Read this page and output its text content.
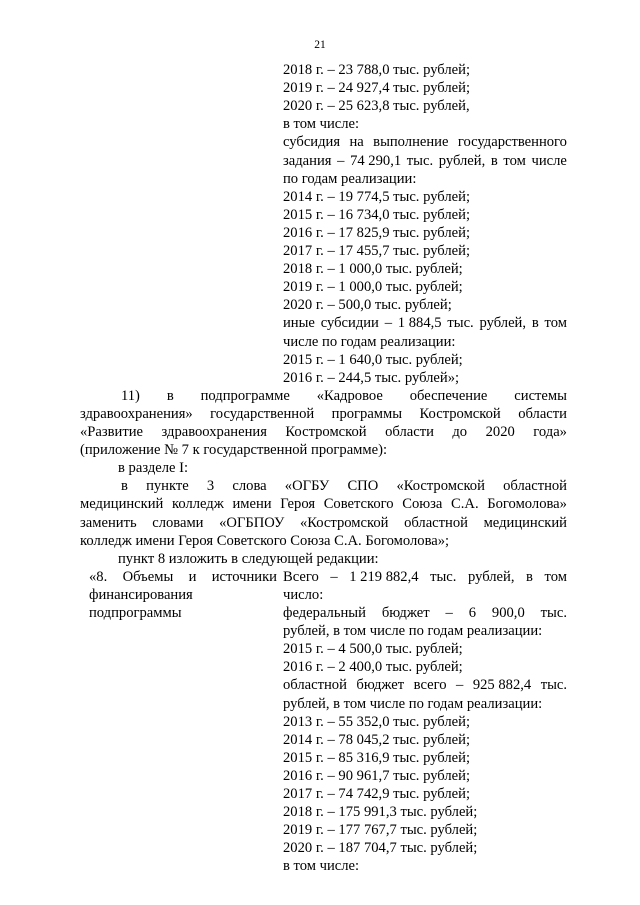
21
2018 г. – 23 788,0 тыс. рублей;
2019 г. – 24 927,4 тыс. рублей;
2020 г. – 25 623,8 тыс. рублей,
в том числе:
субсидия на выполнение государственного
задания – 74 290,1 тыс. рублей, в том числе
по годам реализации:
2014 г. – 19 774,5 тыс. рублей;
2015 г. – 16 734,0 тыс. рублей;
2016 г. – 17 825,9 тыс. рублей;
2017 г. – 17 455,7 тыс. рублей;
2018 г. – 1 000,0 тыс. рублей;
2019 г. – 1 000,0 тыс. рублей;
2020 г. – 500,0 тыс. рублей;
иные субсидии – 1 884,5 тыс. рублей, в том
числе по годам реализации:
2015 г. – 1 640,0 тыс. рублей;
2016 г. – 244,5 тыс. рублей»;
11) в подпрограмме «Кадровое обеспечение системы
здравоохранения» государственной программы Костромской области
«Развитие здравоохранения Костромской области до 2020 года»
(приложение № 7 к государственной программе):
в разделе I:
в пункте 3 слова «ОГБУ СПО «Костромской областной
медицинский колледж имени Героя Советского Союза С.А. Богомолова»
заменить словами «ОГБПОУ «Костромской областной медицинский
колледж имени Героя Советского Союза С.А. Богомолова»;
пункт 8 изложить в следующей редакции:
«8. Объемы и источники
финансирования
подпрограммы
Всего – 1 219 882,4 тыс. рублей, в том
число:
федеральный бюджет – 6 900,0 тыс.
рублей, в том числе по годам реализации:
2015 г. – 4 500,0 тыс. рублей;
2016 г. – 2 400,0 тыс. рублей;
областной бюджет всего – 925 882,4 тыс.
рублей, в том числе по годам реализации:
2013 г. – 55 352,0 тыс. рублей;
2014 г. – 78 045,2 тыс. рублей;
2015 г. – 85 316,9 тыс. рублей;
2016 г. – 90 961,7 тыс. рублей;
2017 г. – 74 742,9 тыс. рублей;
2018 г. – 175 991,3 тыс. рублей;
2019 г. – 177 767,7 тыс. рублей;
2020 г. – 187 704,7 тыс. рублей;
в том числе:
